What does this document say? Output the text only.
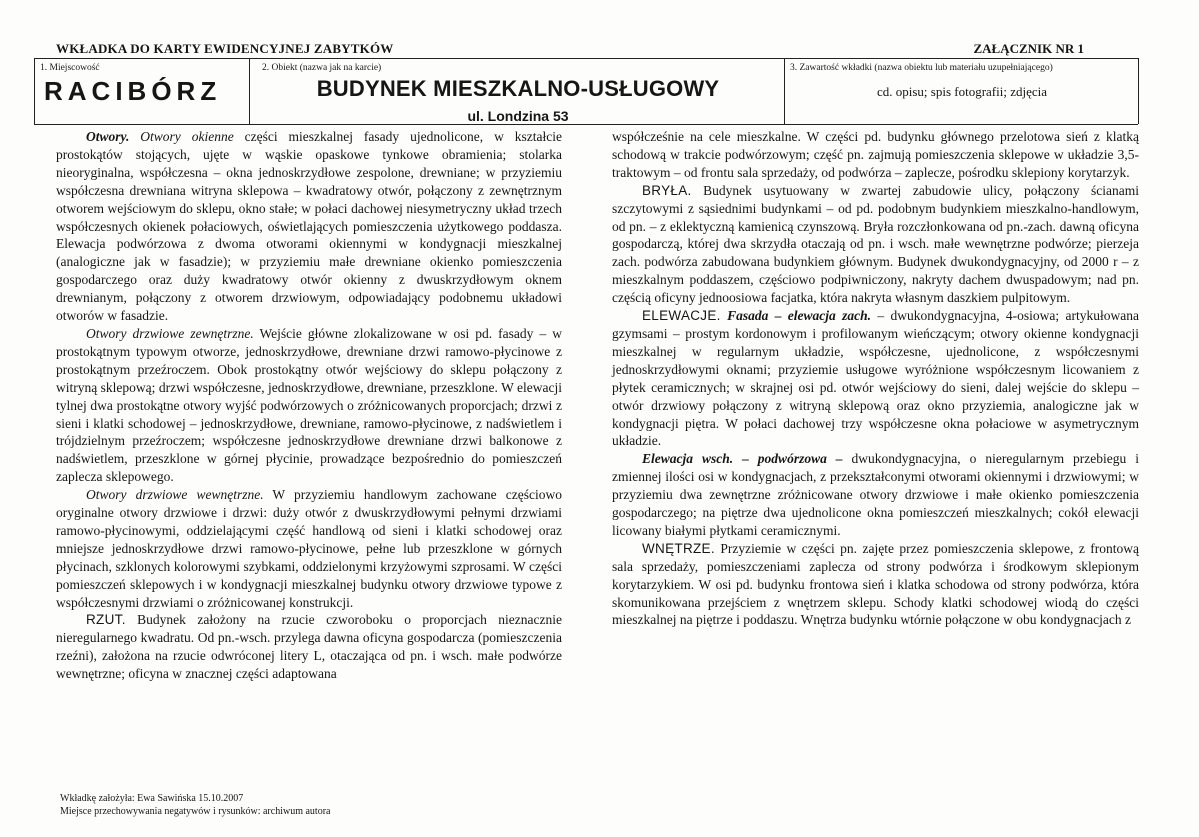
WKŁADKA DO KARTY EWIDENCYJNEJ ZABYTKÓW	ZAŁĄCZNIK NR 1
1. Miejscowość
RACIBÓRZ
2. Obiekt (nazwa jak na karcie)
BUDYNEK MIESZKALNO-USŁUGOWY
ul. Londzina 53
3. Zawartość wkładki (nazwa obiektu lub materiału uzupełniającego)
cd. opisu; spis fotografii; zdjęcia

Otwory. Otwory okienne części mieszkalnej fasady ujednolicone, w kształcie prostokątów stojących, ujęte w wąskie opaskowe tynkowe obramienia; stolarka nieoryginalna, współczesna – okna jednoskrzydłowe zespolone, drewniane; w przyziemiu współczesna drewniana witryna sklepowa – kwadratowy otwór, połączony z zewnętrznym otworem wejściowym do sklepu, okno stałe; w połaci dachowej niesymetryczny układ trzech współczesnych okienek połaciowych, oświetlających pomieszczenia użytkowego poddasza. Elewacja podwórzowa z dwoma otworami okiennymi w kondygnacji mieszkalnej (analogiczne jak w fasadzie); w przyziemiu małe drewniane okienko pomieszczenia gospodarczego oraz duży kwadratowy otwór okienny z dwuskrzydłowym oknem drewnianym, połączony z otworem drzwiowym, odpowiadający podobnemu układowi otworów w fasadzie.

Otwory drzwiowe zewnętrzne. Wejście główne zlokalizowane w osi pd. fasady – w prostokątnym typowym otworze, jednoskrzydłowe, drewniane drzwi ramowo-płycinowe z prostokątnym przeźroczem. Obok prostokątny otwór wejściowy do sklepu połączony z witryną sklepową; drzwi współczesne, jednoskrzydłowe, drewniane, przeszklone. W elewacji tylnej dwa prostokątne otwory wyjść podwórzowych o zróżnicowanych proporcjach; drzwi z sieni i klatki schodowej – jednoskrzydłowe, drewniane, ramowo-płycinowe, z nadświetlem i trójdzielnym przeźroczem; współczesne jednoskrzydłowe drewniane drzwi balkonowe z nadświetlem, przeszklone w górnej płycinie, prowadzące bezpośrednio do pomieszczeń zaplecza sklepowego.

Otwory drzwiowe wewnętrzne. W przyziemiu handlowym zachowane częściowo oryginalne otwory drzwiowe i drzwi: duży otwór z dwuskrzydłowymi pełnymi drzwiami ramowo-płycinowymi, oddzielającymi część handlową od sieni i klatki schodowej oraz mniejsze jednoskrzydłowe drzwi ramowo-płycinowe, pełne lub przeszklone w górnych płycinach, szklonych kolorowymi szybkami, oddzielonymi krzyżowymi szprosami. W części pomieszczeń sklepowych i w kondygnacji mieszkalnej budynku otwory drzwiowe typowe z współczesnymi drzwiami o zróżnicowanej konstrukcji.

RZUT. Budynek założony na rzucie czworoboku o proporcjach nieznacznie nieregularnego kwadratu. Od pn.-wsch. przylega dawna oficyna gospodarcza (pomieszczenia rzeźni), założona na rzucie odwróconej litery L, otaczająca od pn. i wsch. małe podwórze wewnętrzne; oficyna w znacznej części adaptowana

współcześnie na cele mieszkalne. W części pd. budynku głównego przelotowa sień z klatką schodową w trakcie podwórzowym; część pn. zajmują pomieszczenia sklepowe w układzie 3,5-traktowym – od frontu sala sprzedaży, od podwórza – zaplecze, pośrodku sklepiony korytarzyk.

BRYŁA. Budynek usytuowany w zwartej zabudowie ulicy, połączony ścianami szczytowymi z sąsiednimi budynkami – od pd. podobnym budynkiem mieszkalno-handlowym, od pn. – z eklektyczną kamienicą czynszową. Bryła rozczłonkowana od pn.-zach. dawną oficyna gospodarczą, której dwa skrzydła otaczają od pn. i wsch. małe wewnętrzne podwórze; pierzeja zach. podwórza zabudowana budynkiem głównym. Budynek dwukondygnacyjny, od 2000 r – z mieszkalnym poddaszem, częściowo podpiwniczony, nakryty dachem dwuspadowym; nad pn. częścią oficyny jednoosiowa facjatka, która nakryta własnym daszkiem pulpitowym.

ELEWACJE. Fasada – elewacja zach. – dwukondygnacyjna, 4-osiowa; artykułowana gzymsami – prostym kordonowym i profilowanym wieńczącym; otwory okienne kondygnacji mieszkalnej w regularnym układzie, współczesne, ujednolicone, z współczesnymi jednoskrzydłowymi oknami; przyziemie usługowe wyróżnione współczesnym licowaniem z płytek ceramicznych; w skrajnej osi pd. otwór wejściowy do sieni, dalej wejście do sklepu – otwór drzwiowy połączony z witryną sklepową oraz okno przyziemia, analogiczne jak w kondygnacji piętra. W połaci dachowej trzy współczesne okna połaciowe w asymetrycznym układzie.

Elewacja wsch. – podwórzowa – dwukondygnacyjna, o nieregularnym przebiegu i zmiennej ilości osi w kondygnacjach, z przekształconymi otworami okiennymi i drzwiowymi; w przyziemiu dwa zewnętrzne zróżnicowane otwory drzwiowe i małe okienko pomieszczenia gospodarczego; na piętrze dwa ujednolicone okna pomieszczeń mieszkalnych; cokół elewacji licowany białymi płytkami ceramicznymi.

WNĘTRZE. Przyziemie w części pn. zajęte przez pomieszczenia sklepowe, z frontową sala sprzedaży, pomieszczeniami zaplecza od strony podwórza i środkowym sklepionym korytarzykiem. W osi pd. budynku frontowa sień i klatka schodowa od strony podwórza, która skomunikowana przejściem z wnętrzem sklepu. Schody klatki schodowej wiodą do części mieszkalnej na piętrze i poddaszu. Wnętrza budynku wtórnie połączone w obu kondygnacjach z

Wkładkę założyła: Ewa Sawińska 15.10.2007
Miejsce przechowywania negatywów i rysunków: archiwum autora
